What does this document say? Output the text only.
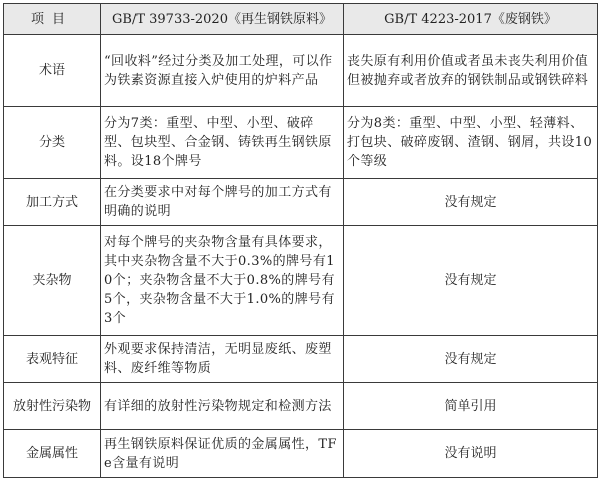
项目	GB/T 39733-2020《再生钢铁原料》	GB/T 4223-2017《废钢铁》
术语	“回收料”经过分类及加工处理，可以作为铁素资源直接入炉使用的炉料产品	丧失原有利用价值或者虽未丧失利用价值但被抛弃或者放弃的钢铁制品或钢铁碎料
分类	分为7类：重型、中型、小型、破碎型、包块型、合金钢、铸铁再生钢铁原料。设18个牌号	分为8类：重型、中型、小型、轻薄料、打包块、破碎废钢、渣钢、钢屑，共设10个等级
加工方式	在分类要求中对每个牌号的加工方式有明确的说明	没有规定
夹杂物	对每个牌号的夹杂物含量有具体要求，其中夹杂物含量不大于0.3%的牌号有10个；夹杂物含量不大于0.8%的牌号有5个，夹杂物含量不大于1.0%的牌号有3个	没有规定
表观特征	外观要求保持清洁，无明显废纸、废塑料、废纤维等物质	没有规定
放射性污染物	有详细的放射性污染物规定和检测方法	简单引用
金属属性	再生钢铁原料保证优质的金属属性，TFe含量有说明	没有说明
